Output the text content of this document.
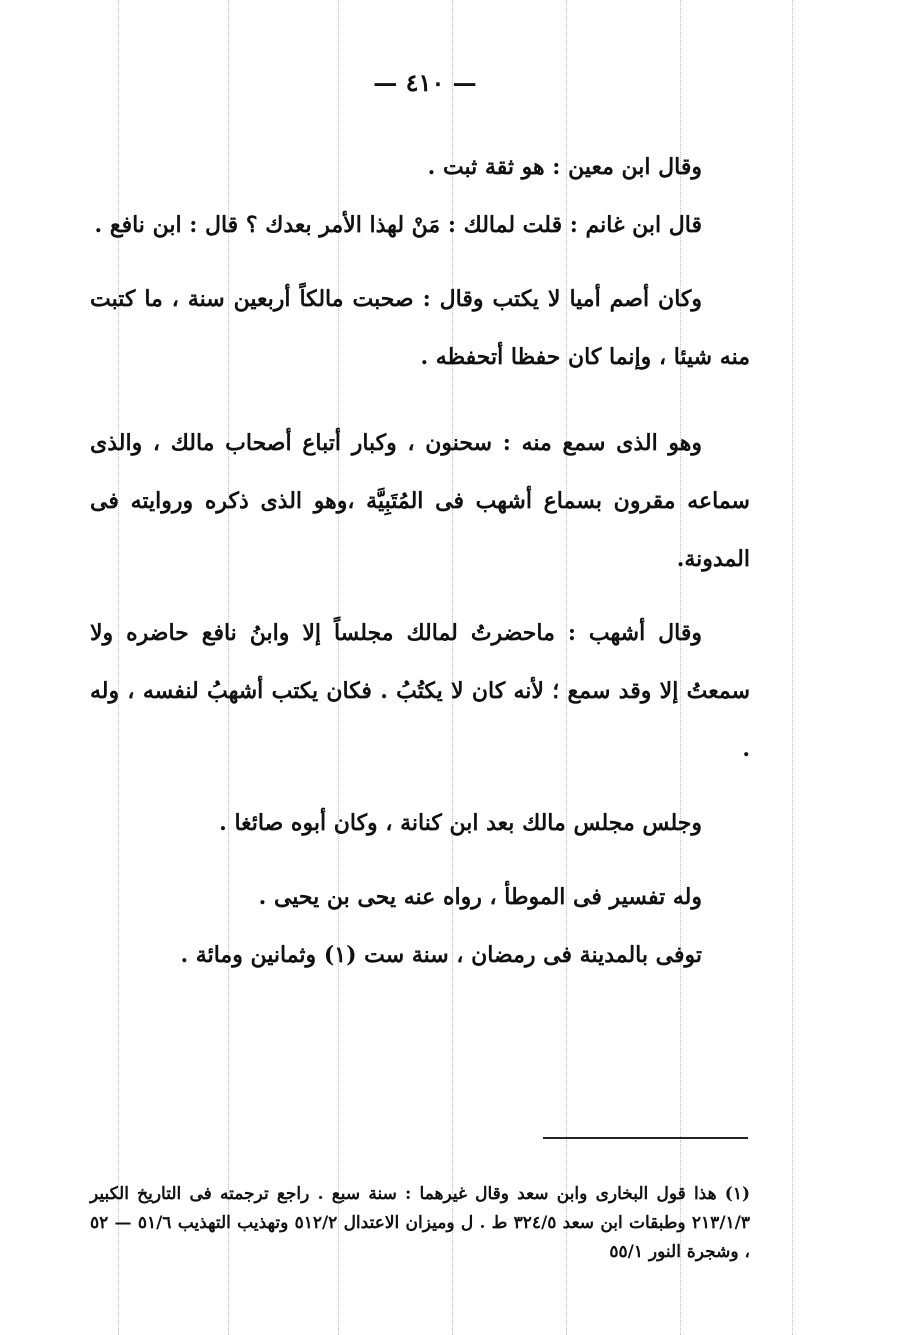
— ٤١٠ —

وقال ابن معين : هو ثقة ثبت .

قال ابن غانم : قلت لمالك : مَنْ لهذا الأمر بعدك ؟ قال : ابن نافع .

وكان أصم أميا لا يكتب وقال : صحبت مالكاً أربعين سنة ، ما كتبت منه شيئا ، وإنما كان حفظا أتحفظه .

وهو الذى سمع منه : سحنون ، وكبار أتباع أصحاب مالك ، والذى سماعه مقرون بسماع أشهب فى المُتَبِيَّة ،وهو الذى ذكره وروايته فى المدونة.

وقال أشهب : ماحضرتُ لمالك مجلساً إلا وابنُ نافع حاضره ولا سمعتُ إلا وقد سمع ؛ لأنه كان لا يكتُبُ . فكان يكتب أشهبُ لنفسه ، وله .

وجلس مجلس مالك بعد ابن كنانة ، وكان أبوه صائغا .

وله تفسير فى الموطأ ، رواه عنه يحى بن يحيى .

توفى بالمدينة فى رمضان ، سنة ست (١) وثمانين ومائة .

(١) هذا قول البخارى وابن سعد وقال غيرهما : سنة سبع . راجع ترجمته فى التاريخ الكبير ٢١٣/١/٣ وطبقات ابن سعد ٣٢٤/٥ ط . ل وميزان الاعتدال ٥١٢/٢ وتهذيب التهذيب ٥١/٦ — ٥٢ ، وشجرة النور ٥٥/١
